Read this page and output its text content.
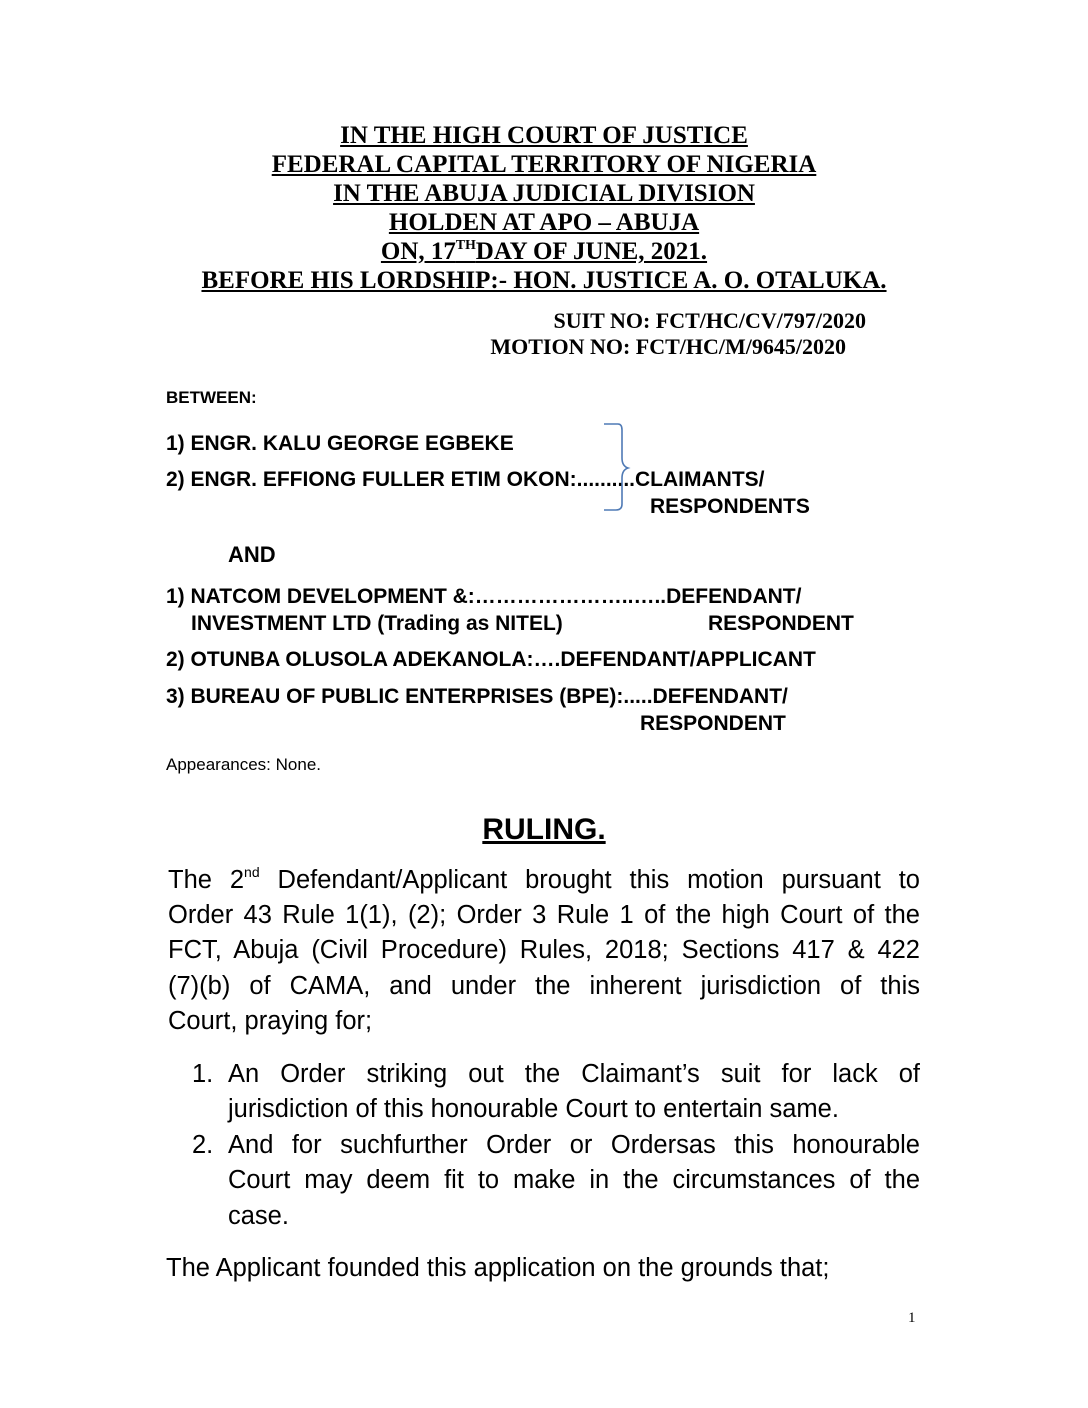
IN THE HIGH COURT OF JUSTICE
FEDERAL CAPITAL TERRITORY OF NIGERIA
IN THE ABUJA JUDICIAL DIVISION
HOLDEN AT APO – ABUJA
ON, 17THDAY OF JUNE, 2021.
BEFORE HIS LORDSHIP:- HON. JUSTICE A. O. OTALUKA.
SUIT NO: FCT/HC/CV/797/2020
MOTION NO: FCT/HC/M/9645/2020
BETWEEN:
1) ENGR. KALU GEORGE EGBEKE
2) ENGR. EFFIONG FULLER ETIM OKON:..........CLAIMANTS/
RESPONDENTS
AND
1) NATCOM DEVELOPMENT &:…………………..…..DEFENDANT/
INVESTMENT LTD (Trading as NITEL)	RESPONDENT
2) OTUNBA OLUSOLA ADEKANOLA:….DEFENDANT/APPLICANT
3) BUREAU OF PUBLIC ENTERPRISES (BPE):.....DEFENDANT/
RESPONDENT
Appearances: None.
RULING.
The 2nd Defendant/Applicant brought this motion pursuant to
Order 43 Rule 1(1), (2); Order 3 Rule 1 of the high Court of the
FCT, Abuja (Civil Procedure) Rules, 2018; Sections 417 & 422
(7)(b) of CAMA, and under the inherent jurisdiction of this
Court, praying for;
1. An Order striking out the Claimant’s suit for lack of
jurisdiction of this honourable Court to entertain same.
2. And for suchfurther Order or Ordersas this honourable
Court may deem fit to make in the circumstances of the
case.
The Applicant founded this application on the grounds that;
1
